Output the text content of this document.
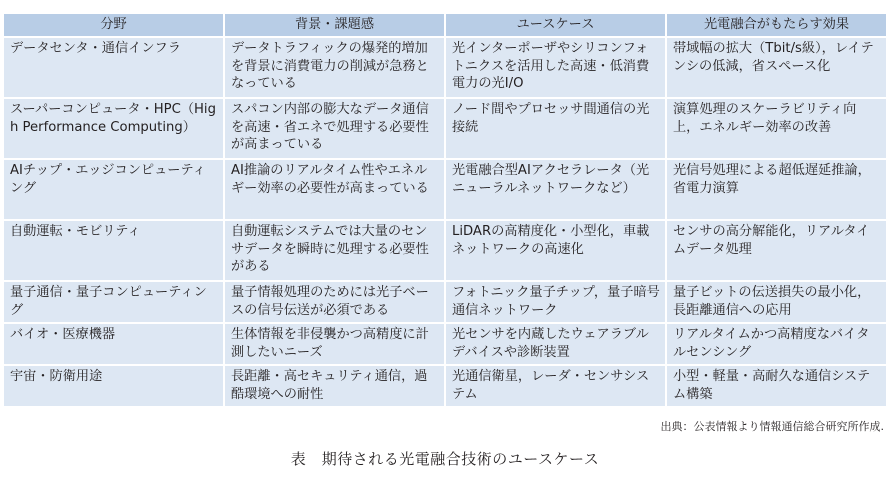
分野	背景・課題感	ユースケース	光電融合がもたらす効果
データセンタ・通信インフラ	データトラフィックの爆発的増加を背景に消費電力の削減が急務となっている	光インターポーザやシリコンフォトニクスを活用した高速・低消費電力の光I/O	帯域幅の拡大（Tbit/s級），レイテンシの低減，省スペース化
スーパーコンピュータ・HPC（High Performance Computing）	スパコン内部の膨大なデータ通信を高速・省エネで処理する必要性が高まっている	ノード間やプロセッサ間通信の光接続	演算処理のスケーラビリティ向上，エネルギー効率の改善
AIチップ・エッジコンピューティング	AI推論のリアルタイム性やエネルギー効率の必要性が高まっている	光電融合型AIアクセラレータ（光ニューラルネットワークなど）	光信号処理による超低遅延推論，省電力演算
自動運転・モビリティ	自動運転システムでは大量のセンサデータを瞬時に処理する必要性がある	LiDARの高精度化・小型化，車載ネットワークの高速化	センサの高分解能化，リアルタイムデータ処理
量子通信・量子コンピューティング	量子情報処理のためには光子ベースの信号伝送が必須である	フォトニック量子チップ，量子暗号通信ネットワーク	量子ビットの伝送損失の最小化，長距離通信への応用
バイオ・医療機器	生体情報を非侵襲かつ高精度に計測したいニーズ	光センサを内蔵したウェアラブルデバイスや診断装置	リアルタイムかつ高精度なバイタルセンシング
宇宙・防衛用途	長距離・高セキュリティ通信，過酷環境への耐性	光通信衛星，レーダ・センサシステム	小型・軽量・高耐久な通信システム構築
出典：公表情報より情報通信総合研究所作成.
表　期待される光電融合技術のユースケース
